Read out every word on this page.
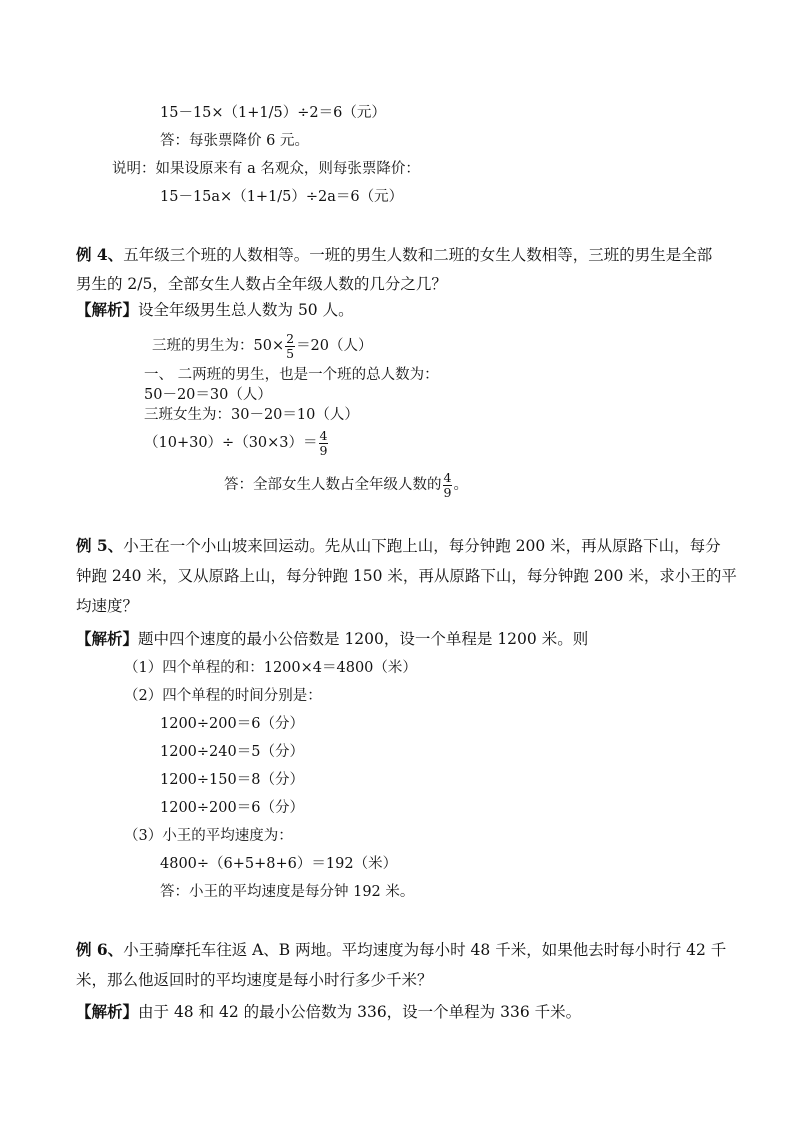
15－15×（1+1/5）÷2＝6（元）
答：每张票降价 6 元。
说明：如果设原来有 a 名观众，则每张票降价：
15－15a×（1+1/5）÷2a＝6（元）
例 4、五年级三个班的人数相等。一班的男生人数和二班的女生人数相等，三班的男生是全部
男生的 2/5，全部女生人数占全年级人数的几分之几？
【解析】设全年级男生总人数为 50 人。
三班的男生为：$50\times \frac{2}{5} =20$（人）
一、 二两班的男生，也是一个班的总人数为：
50－20＝30（人）
三班女生为：30－20＝10（人）
$(10+30)\div(30\times 3)= \frac{4}{9}$
答：全部女生人数占全年级人数的 $\frac{4}{9}$ 。
例 5、小王在一个小山坡来回运动。先从山下跑上山，每分钟跑 200 米，再从原路下山，每分
钟跑 240 米，又从原路上山，每分钟跑 150 米，再从原路下山，每分钟跑 200 米，求小王的平
均速度？
【解析】题中四个速度的最小公倍数是 1200，设一个单程是 1200 米。则
（1）四个单程的和：1200×4＝4800（米）
（2）四个单程的时间分别是：
1200÷200＝6（分）
1200÷240＝5（分）
1200÷150＝8（分）
1200÷200＝6（分）
（3）小王的平均速度为：
4800÷（6+5+8+6）＝192（米）
答：小王的平均速度是每分钟 192 米。
例 6、小王骑摩托车往返 A、B 两地。平均速度为每小时 48 千米，如果他去时每小时行 42 千
米，那么他返回时的平均速度是每小时行多少千米？
【解析】由于 48 和 42 的最小公倍数为 336，设一个单程为 336 千米。
